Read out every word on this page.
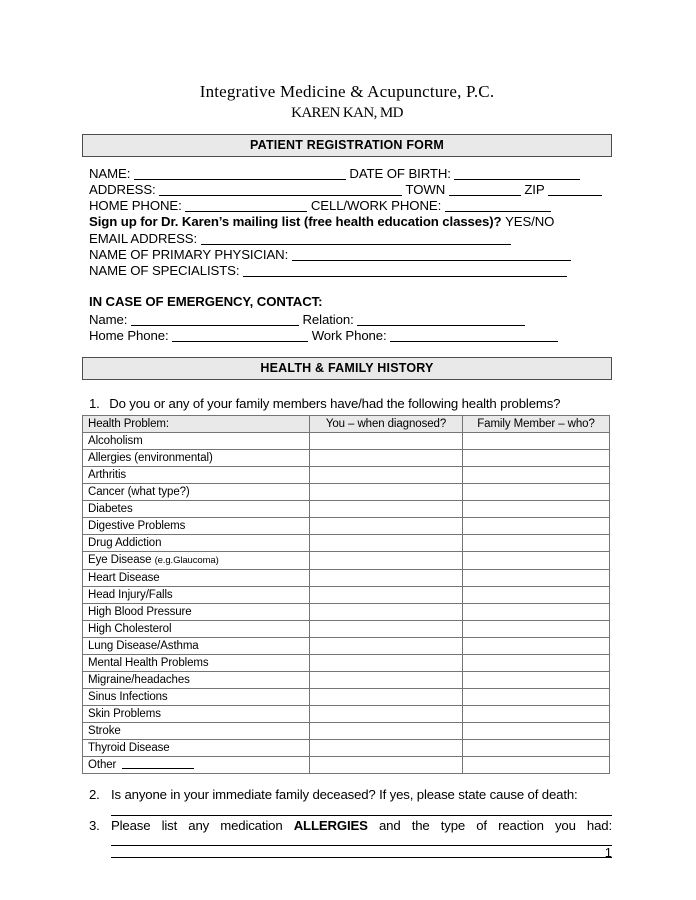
Integrative Medicine & Acupuncture, P.C.
KAREN KAN, MD
PATIENT REGISTRATION FORM
NAME:	DATE OF BIRTH:
ADDRESS:	TOWN	ZIP
HOME PHONE:	CELL/WORK PHONE:
Sign up for Dr. Karen’s mailing list (free health education classes)? YES/NO
EMAIL ADDRESS:
NAME OF PRIMARY PHYSICIAN:
NAME OF SPECIALISTS:
IN CASE OF EMERGENCY, CONTACT:
Name:	Relation:
Home Phone:	Work Phone:
HEALTH & FAMILY HISTORY
1. Do you or any of your family members have/had the following health problems?
Health Problem:	You – when diagnosed?	Family Member – who?
Alcoholism		
Allergies (environmental)		
Arthritis		
Cancer (what type?)		
Diabetes		
Digestive Problems		
Drug Addiction		
Eye Disease (e.g.Glaucoma)		
Heart Disease		
Head Injury/Falls		
High Blood Pressure		
High Cholesterol		
Lung Disease/Asthma		
Mental Health Problems		
Migraine/headaches		
Sinus Infections		
Skin Problems		
Stroke		
Thyroid Disease		
Other		
2. Is anyone in your immediate family deceased? If yes, please state cause of death:
3. Please list any medication ALLERGIES and the type of reaction you had:
1
